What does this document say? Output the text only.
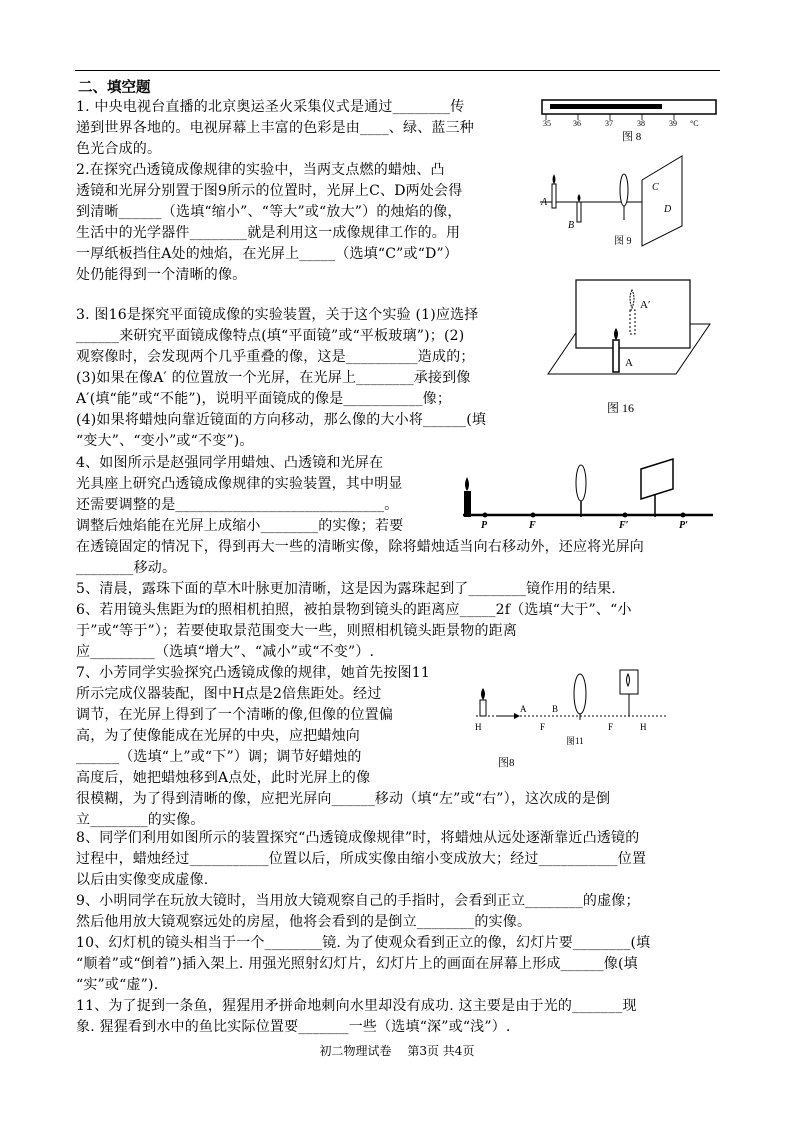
二、填空题
1. 中央电视台直播的北京奥运圣火采集仪式是通过________传
递到世界各地的。电视屏幕上丰富的色彩是由____、绿、蓝三种
色光合成的。
2.在探究凸透镜成像规律的实验中，当两支点燃的蜡烛、凸
透镜和光屏分别置于图9所示的位置时，光屏上C、D两处会得
到清晰______（选填“缩小”、“等大”或“放大”）的烛焰的像，
生活中的光学器件________就是利用这一成像规律工作的。用
一厚纸板挡住A处的烛焰，在光屏上_____（选填“C”或“D”）
处仍能得到一个清晰的像。
3. 图16是探究平面镜成像的实验装置，关于这个实验 (1)应选择
______来研究平面镜成像特点(填“平面镜”或“平板玻璃”)；(2)
观察像时，会发现两个几乎重叠的像，这是__________造成的；
(3)如果在像A′ 的位置放一个光屏，在光屏上________承接到像
A′(填“能”或“不能”)，说明平面镜成的像是___________像；
(4)如果将蜡烛向靠近镜面的方向移动，那么像的大小将______(填
“变大”、“变小”或“不变”)。
4、如图所示是赵强同学用蜡烛、凸透镜和光屏在
光具座上研究凸透镜成像规律的实验装置，其中明显
还需要调整的是_____________________________。
调整后烛焰能在光屏上成缩小________的实像；若要
在透镜固定的情况下，得到再大一些的清晰实像，除将蜡烛适当向右移动外，还应将光屏向
________移动。
5、清晨，露珠下面的草木叶脉更加清晰，这是因为露珠起到了________镜作用的结果.
6、若用镜头焦距为f的照相机拍照，被拍景物到镜头的距离应_____2f（选填“大于”、“小
于”或“等于”）；若要使取景范围变大一些，则照相机镜头距景物的距离
应_________（选填“增大”、“减小”或“不变”）.
7、小芳同学实验探究凸透镜成像的规律，她首先按图11
所示完成仪器装配，图中H点是2倍焦距处。经过
调节，在光屏上得到了一个清晰的像,但像的位置偏
高，为了使像能成在光屏的中央，应把蜡烛向
______（选填“上”或“下”）调；调节好蜡烛的
高度后，她把蜡烛移到A点处，此时光屏上的像
很模糊，为了得到清晰的像，应把光屏向______移动（填“左”或“右”），这次成的是倒
立________的实像。
8、同学们利用如图所示的装置探究“凸透镜成像规律”时，将蜡烛从远处逐渐靠近凸透镜的
过程中，蜡烛经过___________位置以后，所成实像由缩小变成放大；经过___________位置
以后由实像变成虚像.
9、小明同学在玩放大镜时，当用放大镜观察自己的手指时，会看到正立________的虚像；
然后他用放大镜观察远处的房屋，他将会看到的是倒立________的实像。
10、幻灯机的镜头相当于一个________镜. 为了使观众看到正立的像，幻灯片要________(填
“顺着”或“倒着”)插入架上. 用强光照射幻灯片，幻灯片上的画面在屏幕上形成______像(填
“实”或“虚”).
11、为了捉到一条鱼，猩猩用矛拼命地刺向水里却没有成功. 这主要是由于光的_______现
象. 猩猩看到水中的鱼比实际位置要_______一些（选填“深”或“浅”）.
35	36	37	38	39 °C
图 8
A
B
C
D
图 9
A′
A
图 16
P	F	F′	P′
H
A	B
F	F	H
图11
图8
初二物理试卷　 第3页 共4页
